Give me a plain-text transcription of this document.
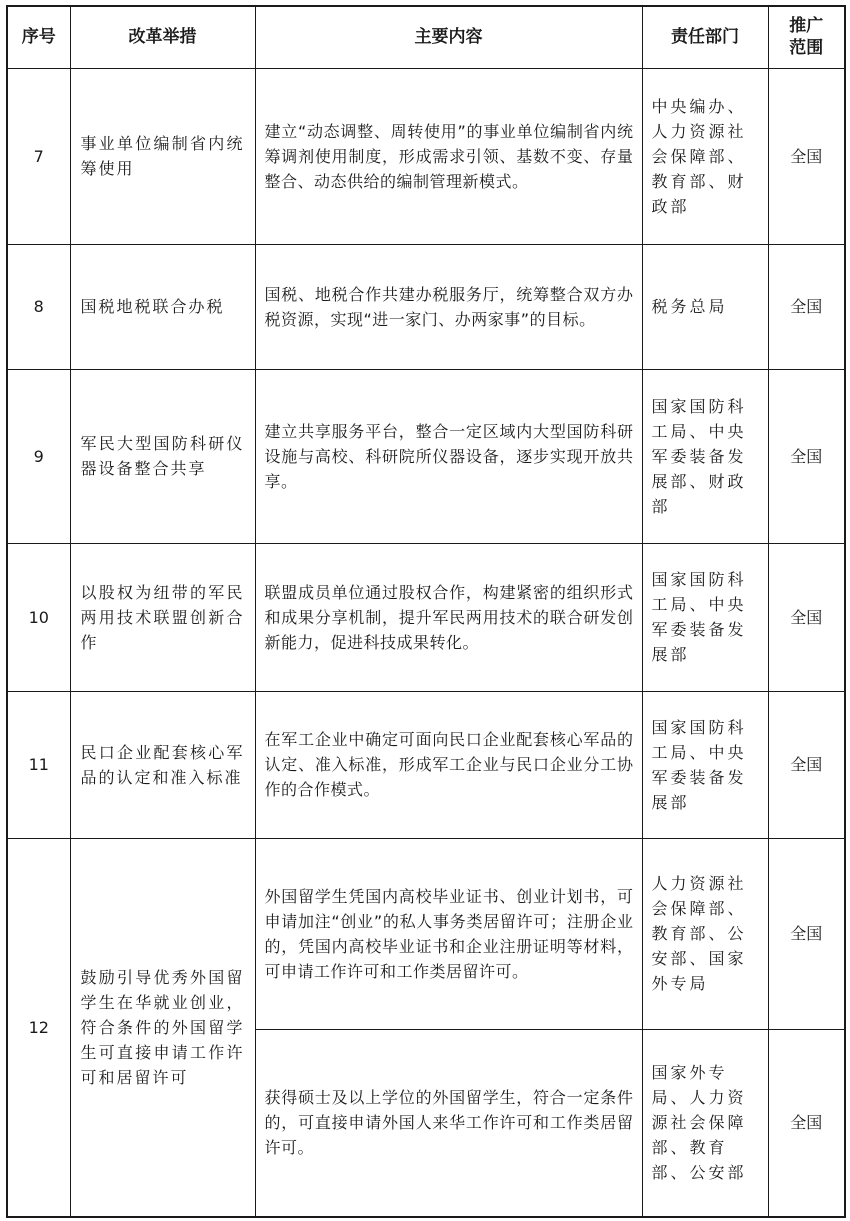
序号	改革举措	主要内容	责任部门	推广范围
7	事业单位编制省内统筹使用	建立“动态调整、周转使用”的事业单位编制省内统筹调剂使用制度，形成需求引领、基数不变、存量整合、动态供给的编制管理新模式。	中央编办、人力资源社会保障部、教育部、财政部	全国
8	国税地税联合办税	国税、地税合作共建办税服务厅，统筹整合双方办税资源，实现“进一家门、办两家事”的目标。	税务总局	全国
9	军民大型国防科研仪器设备整合共享	建立共享服务平台，整合一定区域内大型国防科研设施与高校、科研院所仪器设备，逐步实现开放共享。	国家国防科工局、中央军委装备发展部、财政部	全国
10	以股权为纽带的军民两用技术联盟创新合作	联盟成员单位通过股权合作，构建紧密的组织形式和成果分享机制，提升军民两用技术的联合研发创新能力，促进科技成果转化。	国家国防科工局、中央军委装备发展部	全国
11	民口企业配套核心军品的认定和准入标准	在军工企业中确定可面向民口企业配套核心军品的认定、准入标准，形成军工企业与民口企业分工协作的合作模式。	国家国防科工局、中央军委装备发展部	全国
12	鼓励引导优秀外国留学生在华就业创业，符合条件的外国留学生可直接申请工作许可和居留许可	外国留学生凭国内高校毕业证书、创业计划书，可申请加注“创业”的私人事务类居留许可；注册企业的，凭国内高校毕业证书和企业注册证明等材料，可申请工作许可和工作类居留许可。	人力资源社会保障部、教育部、公安部、国家外专局	全国
		获得硕士及以上学位的外国留学生，符合一定条件的，可直接申请外国人来华工作许可和工作类居留许可。	国家外专局、人力资源社会保障部、教育部、公安部	全国
